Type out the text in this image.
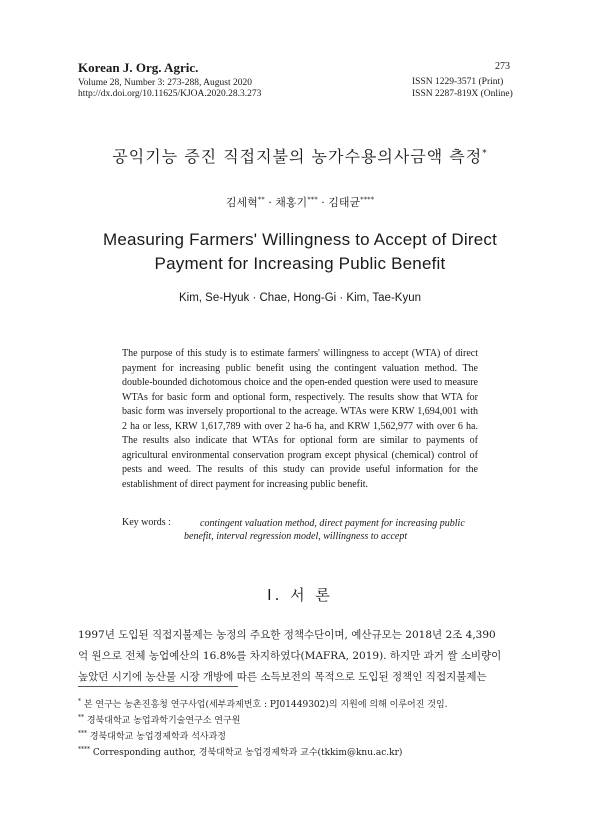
Korean J. Org. Agric.
Volume 28, Number 3: 273-288, August 2020
http://dx.doi.org/10.11625/KJOA.2020.28.3.273
273
ISSN 1229-3571 (Print)
ISSN 2287-819X (Online)
공익기능 증진 직접지불의 농가수용의사금액 측정*
김세혁** · 채홍기*** · 김태균****
Measuring Farmers' Willingness to Accept of Direct
Payment for Increasing Public Benefit
Kim, Se-Hyuk · Chae, Hong-Gi · Kim, Tae-Kyun
The purpose of this study is to estimate farmers' willingness to accept (WTA) of direct payment for increasing public benefit using the contingent valuation method. The double-bounded dichotomous choice and the open-ended question were used to measure WTAs for basic form and optional form, respectively. The results show that WTA for basic form was inversely proportional to the acreage. WTAs were KRW 1,694,001 with 2 ha or less, KRW 1,617,789 with over 2 ha-6 ha, and KRW 1,562,977 with over 6 ha. The results also indicate that WTAs for optional form are similar to payments of agricultural environmental conservation program except physical (chemical) control of pests and weed. The results of this study can provide useful information for the establishment of direct payment for increasing public benefit.
Key words :	contingent valuation method, direct payment for increasing public
benefit, interval regression model, willingness to accept
Ⅰ. 서 론
1997년 도입된 직접지불제는 농정의 주요한 정책수단이며, 예산규모는 2018년 2조 4,390
억 원으로 전체 농업예산의 16.8%를 차지하였다(MAFRA, 2019). 하지만 과거 쌀 소비량이
높았던 시기에 농산물 시장 개방에 따른 소득보전의 목적으로 도입된 정책인 직접지불제는
* 본 연구는 농촌진흥청 연구사업(세부과제번호 : PJ01449302)의 지원에 의해 이루어진 것임.
** 경북대학교 농업과학기술연구소 연구원
*** 경북대학교 농업경제학과 석사과정
**** Corresponding author, 경북대학교 농업경제학과 교수(tkkim@knu.ac.kr)
